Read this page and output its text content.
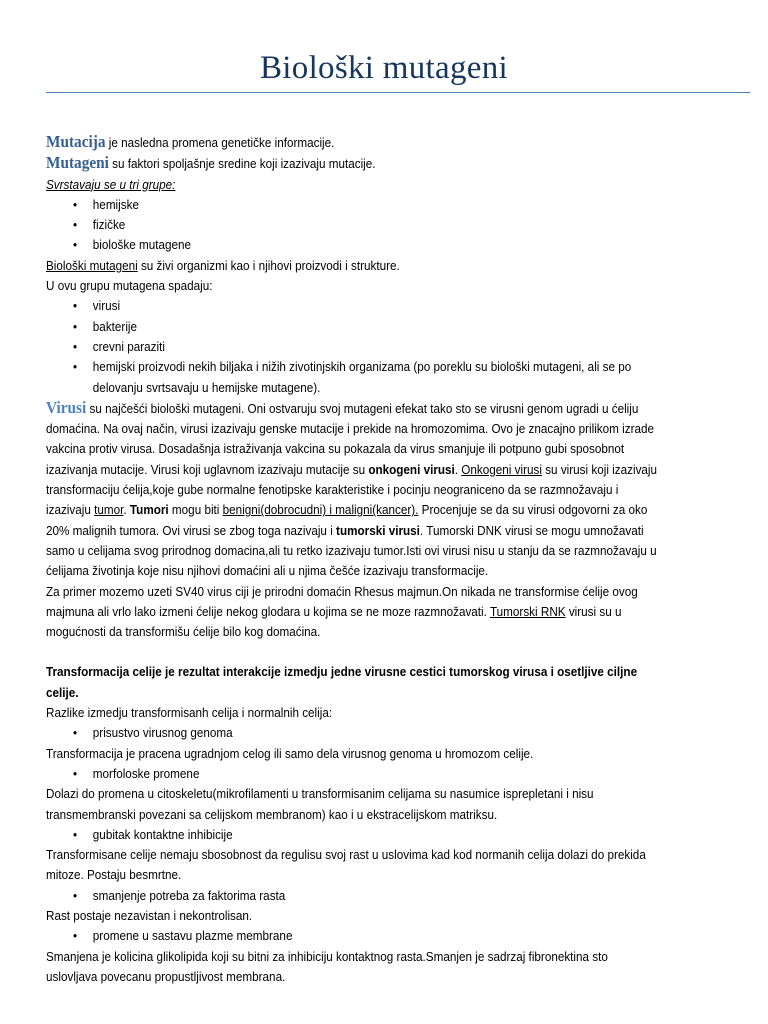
Biološki mutageni

Mutacija je nasledna promena genetičke informacije.

Mutageni su faktori spoljašnje sredine koji izazivaju mutacije.

Svrstavaju se u tri grupe:

• hemijske
• fizičke
• biološke mutagene

Biološki mutageni su živi organizmi kao i njihovi proizvodi i strukture.

U ovu grupu mutagena spadaju:

• virusi
• bakterije
• crevni paraziti
• hemijski proizvodi nekih biljaka i nižih zivotinjskih organizama (po poreklu su biološki mutageni, ali se po delovanju svrtsavaju u hemijske mutagene).

Virusi su najčešći biološki mutageni. Oni ostvaruju svoj mutageni efekat tako sto se virusni genom ugradi u ćeliju domaćina. Na ovaj način, virusi izazivaju genske mutacije i prekide na hromozomima. Ovo je znacajno prilikom izrade vakcina protiv virusa. Dosadašnja istraživanja vakcina su pokazala da virus smanjuje ili potpuno gubi sposobnot izazivanja mutacije. Virusi koji uglavnom izazivaju mutacije su onkogeni virusi. Onkogeni virusi su virusi koji izazivaju transformaciju ćelija,koje gube normalne fenotipske karakteristike i pocinju neograniceno da se razmnožavaju i izazivaju tumor. Tumori mogu biti benigni(dobrocudni) i maligni(kancer). Procenjuje se da su virusi odgovorni za oko 20% malignih tumora. Ovi virusi se zbog toga nazivaju i tumorski virusi. Tumorski DNK virusi se mogu umnožavati samo u celijama svog prirodnog domacina,ali tu retko izazivaju tumor.Isti ovi virusi nisu u stanju da se razmnožavaju u ćelijama životinja koje nisu njihovi domaćini ali u njima češće izazivaju transformacije.

Za primer mozemo uzeti SV40 virus ciji je prirodni domaćin Rhesus majmun.On nikada ne transformise ćelije ovog majmuna ali vrlo lako izmeni ćelije nekog glodara u kojima se ne moze razmnožavati. Tumorski RNK virusi su u mogućnosti da transformišu ćelije bilo kog domaćina.

Transformacija celije je rezultat interakcije izmedju jedne virusne cestici tumorskog virusa i osetljive ciljne celije.

Razlike izmedju transformisanh celija i normalnih celija:

• prisustvo virusnog genoma

Transformacija je pracena ugradnjom celog ili samo dela virusnog genoma u hromozom celije.

• morfoloske promene

Dolazi do promena u citoskeletu(mikrofilamenti u transformisanim celijama su nasumice isprepletani i nisu transmembranski povezani sa celijskom membranom) kao i u ekstracelijskom matriksu.

• gubitak kontaktne inhibicije

Transformisane celije nemaju sbosobnost da regulisu svoj rast u uslovima kad kod normanih celija dolazi do prekida mitoze. Postaju besmrtne.

• smanjenje potreba za faktorima rasta

Rast postaje nezavistan i nekontrolisan.

• promene u sastavu plazme membrane

Smanjena je kolicina glikolipida koji su bitni za inhibiciju kontaktnog rasta.Smanjen je sadrzaj fibronektina sto uslovljava povecanu propustljivost membrana.
